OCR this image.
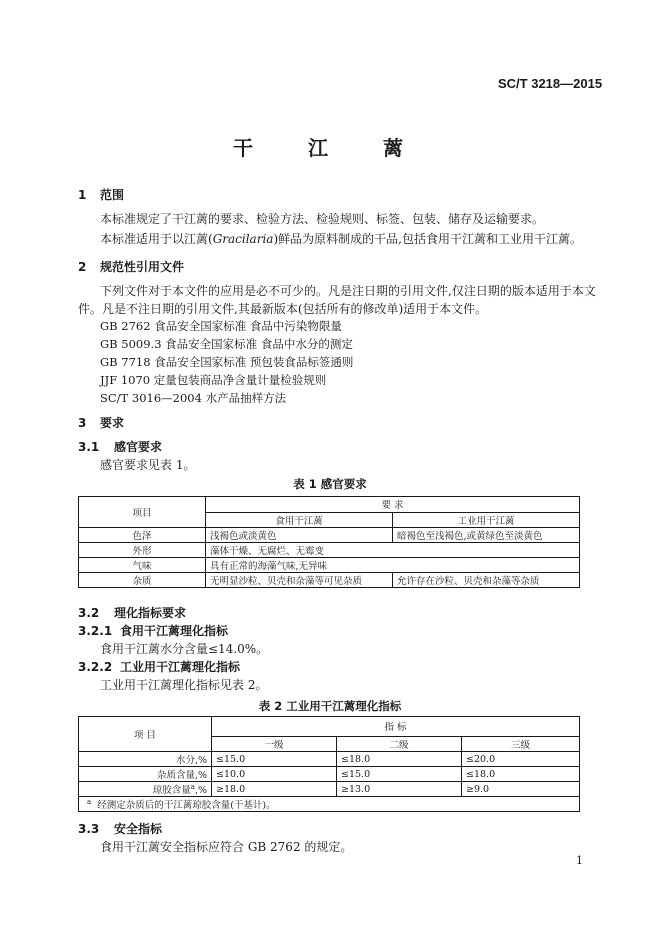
SC/T 3218—2015
干 江 蓠
1 范围
本标准规定了干江蓠的要求、检验方法、检验规则、标签、包装、储存及运输要求。
本标准适用于以江蓠(Gracilaria)鲜品为原料制成的干品,包括食用干江蓠和工业用干江蓠。
2 规范性引用文件
下列文件对于本文件的应用是必不可少的。凡是注日期的引用文件,仅注日期的版本适用于本文
件。凡是不注日期的引用文件,其最新版本(包括所有的修改单)适用于本文件。
GB 2762 食品安全国家标准 食品中污染物限量
GB 5009.3 食品安全国家标准 食品中水分的测定
GB 7718 食品安全国家标准 预包装食品标签通则
JJF 1070 定量包装商品净含量计量检验规则
SC/T 3016—2004 水产品抽样方法
3 要求
3.1 感官要求
感官要求见表 1。
表 1 感官要求
项目	要 求	
	食用干江蓠	工业用干江蓠
色泽	浅褐色或淡黄色	暗褐色至浅褐色,或黄绿色至淡黄色
外形	藻体干燥、无腐烂、无霉变	
气味	具有正常的海藻气味,无异味	
杂质	无明显沙粒、贝壳和杂藻等可见杂质	允许存在沙粒、贝壳和杂藻等杂质
3.2 理化指标要求
3.2.1 食用干江蓠理化指标
食用干江蓠水分含量≤14.0%。
3.2.2 工业用干江蓠理化指标
工业用干江蓠理化指标见表 2。
表 2 工业用干江蓠理化指标
项 目	指 标		
	一级	二级	三级
水分,%	≤15.0	≤18.0	≤20.0
杂质含量,%	≤10.0	≤15.0	≤18.0
琼胶含量$^a$,%	≥18.0	≥13.0	≥9.0
$^a$ 经测定杂质后的干江蓠琼胶含量(干基计)。			
3.3 安全指标
食用干江蓠安全指标应符合 GB 2762 的规定。
1
